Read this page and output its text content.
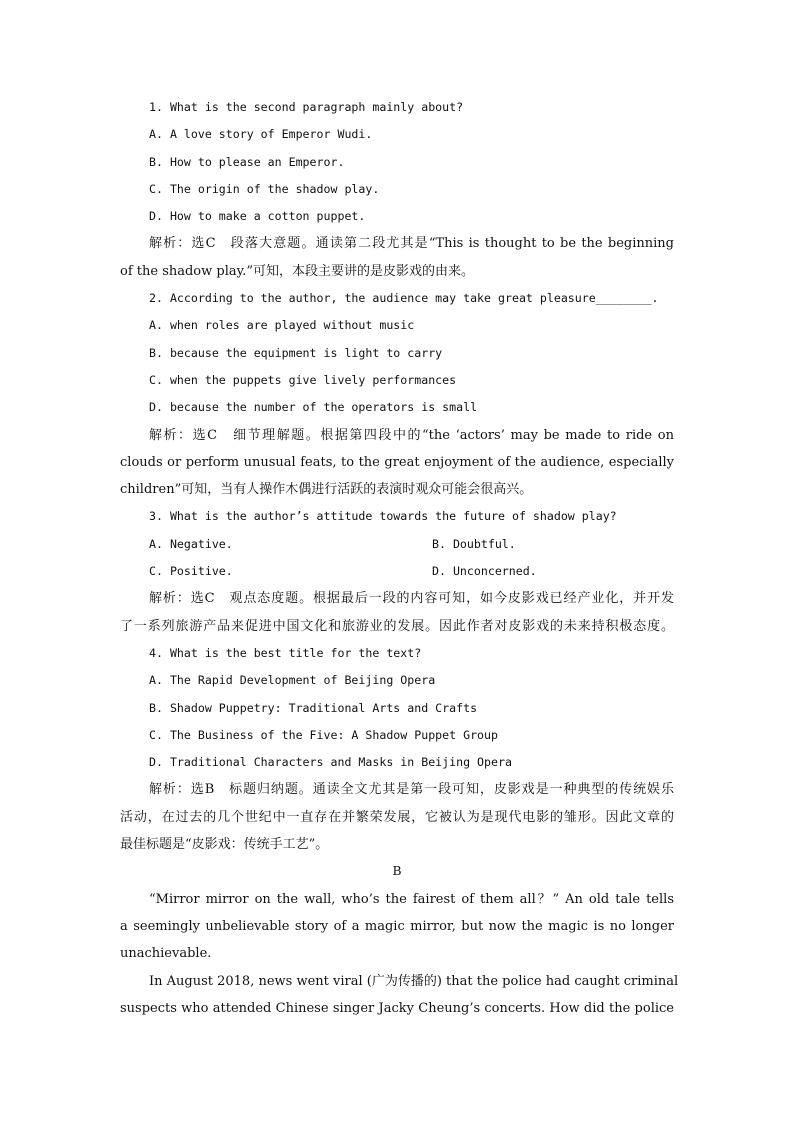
1. What is the second paragraph mainly about?
A. A love story of Emperor Wudi.
B. How to please an Emperor.
C. The origin of the shadow play.
D. How to make a cotton puppet.
解析：选C　段落大意题。通读第二段尤其是“This is thought to be the beginning
of the shadow play.”可知，本段主要讲的是皮影戏的由来。
2. According to the author, the audience may take great pleasure________.
A. when roles are played without music
B. because the equipment is light to carry
C. when the puppets give lively performances
D. because the number of the operators is small
解析：选C　细节理解题。根据第四段中的“the ‘actors’ may be made to ride on
clouds or perform unusual feats, to the great enjoyment of the audience, especially
children”可知，当有人操作木偶进行活跃的表演时观众可能会很高兴。
3. What is the author’s attitude towards the future of shadow play?
A. Negative.	B. Doubtful.
C. Positive.	D. Unconcerned.
解析：选C　观点态度题。根据最后一段的内容可知，如今皮影戏已经产业化，并开发
了一系列旅游产品来促进中国文化和旅游业的发展。因此作者对皮影戏的未来持积极态度。
4. What is the best title for the text?
A. The Rapid Development of Beijing Opera
B. Shadow Puppetry: Traditional Arts and Crafts
C. The Business of the Five: A Shadow Puppet Group
D. Traditional Characters and Masks in Beijing Opera
解析：选B　标题归纳题。通读全文尤其是第一段可知，皮影戏是一种典型的传统娱乐
活动，在过去的几个世纪中一直存在并繁荣发展，它被认为是现代电影的雏形。因此文章的
最佳标题是“皮影戏：传统手工艺”。
B
“Mirror mirror on the wall, who’s the fairest of them all？” An old tale tells
a seemingly unbelievable story of a magic mirror, but now the magic is no longer
unachievable.
In August 2018, news went viral (广为传播的) that the police had caught criminal
suspects who attended Chinese singer Jacky Cheung’s concerts. How did the police
